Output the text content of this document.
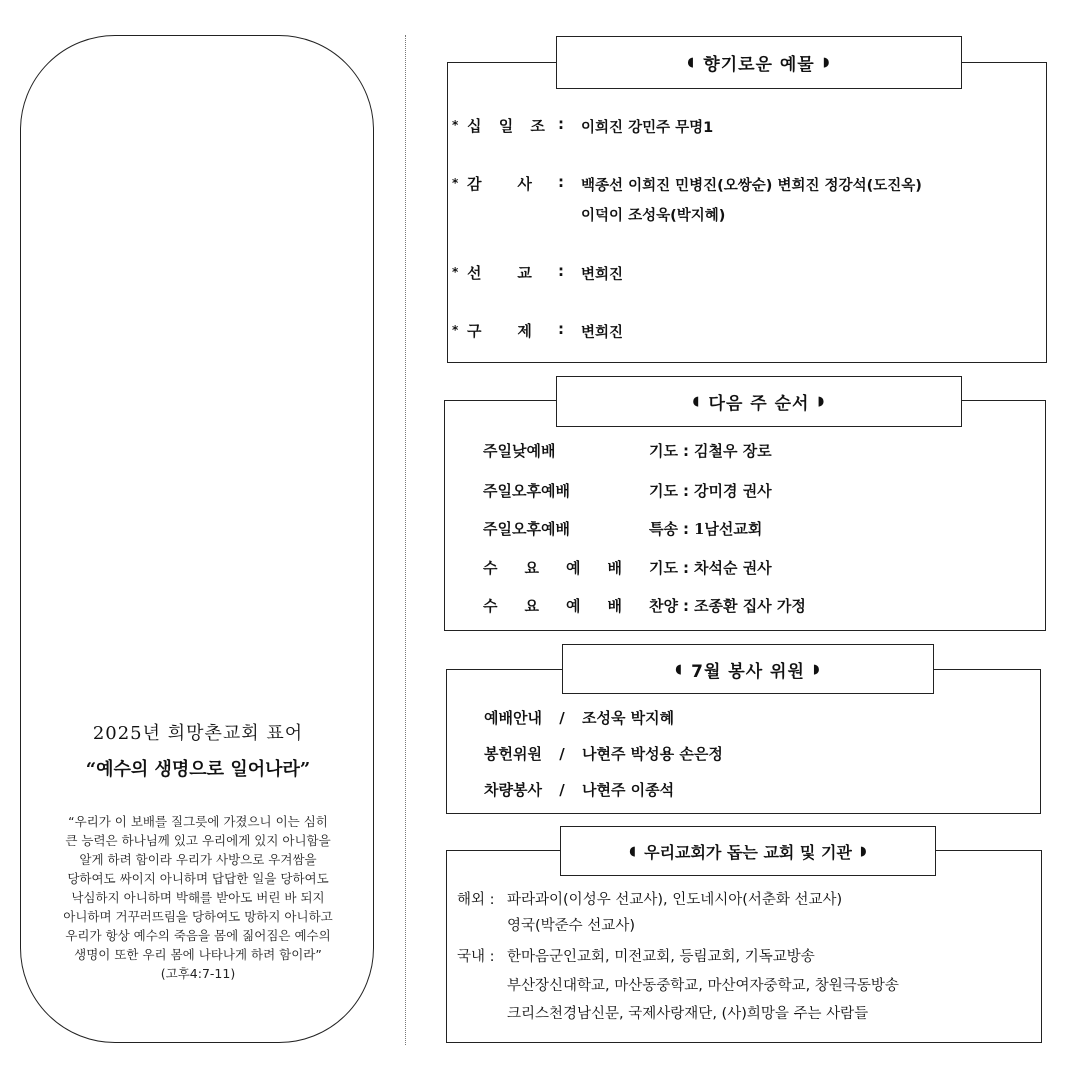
2025년 희망촌교회 표어
“예수의 생명으로 일어나라”
“우리가 이 보배를 질그릇에 가졌으니 이는 심히
큰 능력은 하나님께 있고 우리에게 있지 아니함을
알게 하려 함이라 우리가 사방으로 우겨쌈을
당하여도 싸이지 아니하며 답답한 일을 당하여도
낙심하지 아니하며 박해를 받아도 버린 바 되지
아니하며 거꾸러뜨림을 당하여도 망하지 아니하고
우리가 항상 예수의 죽음을 몸에 짊어짐은 예수의
생명이 또한 우리 몸에 나타나게 하려 함이라”
(고후4:7-11)
◖ 향기로운 예물 ◗
* 십 일 조 : 이희진 강민주 무명1
* 감    사	: 백종선 이희진 민병진(오쌍순) 변희진 정강석(도진옥)
이덕이 조성욱(박지혜)
* 선    교	: 변희진
* 구    제	: 변희진
◖ 다음 주 순서 ◗
주일낮예배 기도 : 김철우 장로
주일오후예배 기도 : 강미경 권사
주일오후예배 특송 : 1남선교회
수 요 예 배 기도 : 차석순 권사
수 요 예 배 찬양 : 조종환 집사 가정
◖ 7월 봉사 위원 ◗
예배안내 / 조성욱 박지혜
봉헌위원 / 나현주 박성용 손은정
차량봉사 / 나현주 이종석
◖ 우리교회가 돕는 교회 및 기관 ◗
해외 : 파라과이(이성우 선교사), 인도네시아(서춘화 선교사)
영국(박준수 선교사)
국내 : 한마음군인교회, 미전교회, 등림교회, 기독교방송
부산장신대학교, 마산동중학교, 마산여자중학교, 창원극동방송
크리스천경남신문, 국제사랑재단, (사)희망을 주는 사람들
